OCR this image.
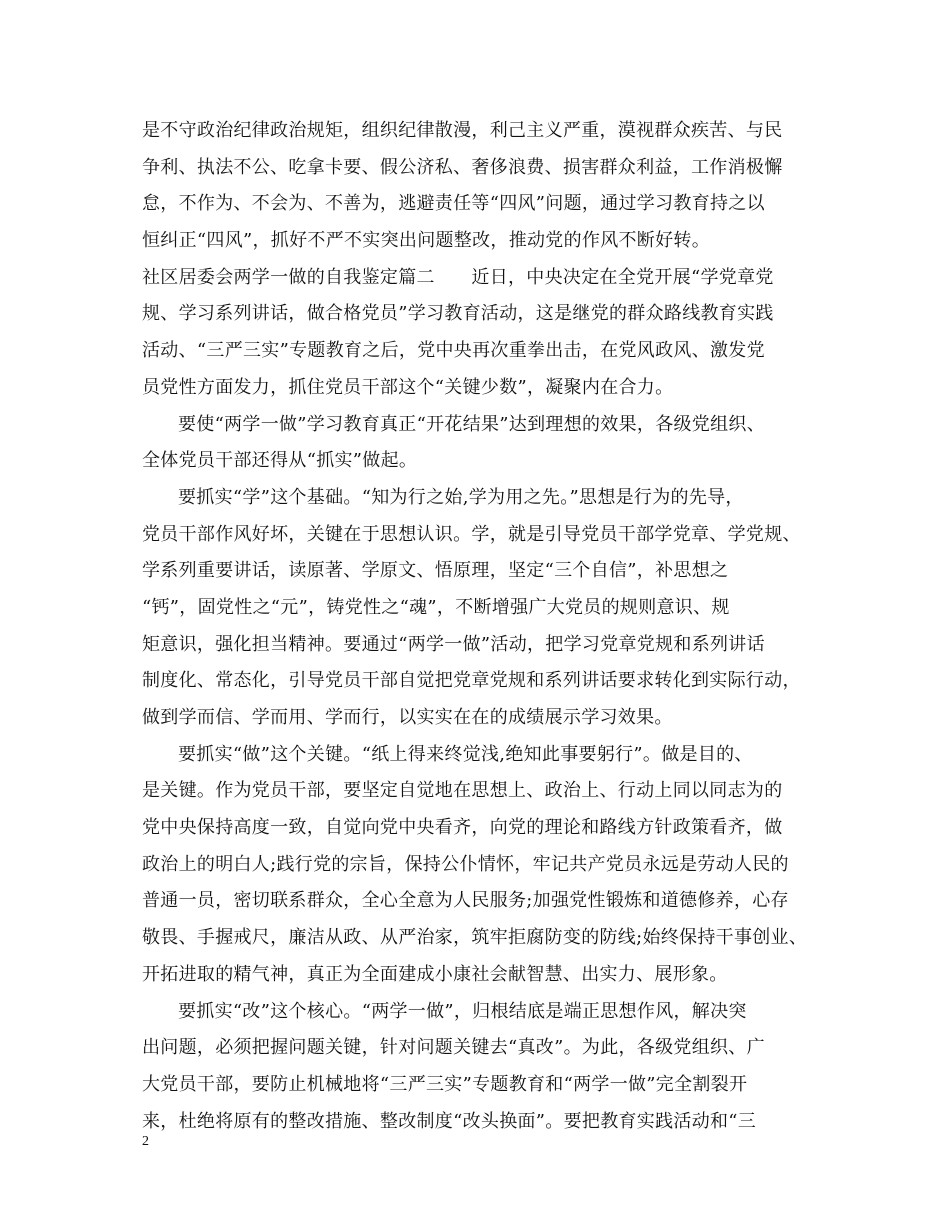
是不守政治纪律政治规矩，组织纪律散漫，利己主义严重，漠视群众疾苦、与民
争利、执法不公、吃拿卡要、假公济私、奢侈浪费、损害群众利益，工作消极懈
怠，不作为、不会为、不善为，逃避责任等“四风”问题，通过学习教育持之以
恒纠正“四风”，抓好不严不实突出问题整改，推动党的作风不断好转。
社区居委会两学一做的自我鉴定篇二　　近日，中央决定在全党开展“学党章党
规、学习系列讲话，做合格党员”学习教育活动，这是继党的群众路线教育实践
活动、“三严三实”专题教育之后，党中央再次重拳出击，在党风政风、激发党
员党性方面发力，抓住党员干部这个“关键少数”，凝聚内在合力。
要使“两学一做”学习教育真正“开花结果”达到理想的效果，各级党组织、
全体党员干部还得从“抓实”做起。
要抓实“学”这个基础。“知为行之始,学为用之先。”思想是行为的先导，
党员干部作风好坏，关键在于思想认识。学，就是引导党员干部学党章、学党规、
学系列重要讲话，读原著、学原文、悟原理，坚定“三个自信”，补思想之
“钙”，固党性之“元”，铸党性之“魂”，不断增强广大党员的规则意识、规
矩意识，强化担当精神。要通过“两学一做”活动，把学习党章党规和系列讲话
制度化、常态化，引导党员干部自觉把党章党规和系列讲话要求转化到实际行动，
做到学而信、学而用、学而行，以实实在在的成绩展示学习效果。
要抓实“做”这个关键。“纸上得来终觉浅,绝知此事要躬行”。做是目的、
是关键。作为党员干部，要坚定自觉地在思想上、政治上、行动上同以同志为的
党中央保持高度一致，自觉向党中央看齐，向党的理论和路线方针政策看齐，做
政治上的明白人;践行党的宗旨，保持公仆情怀，牢记共产党员永远是劳动人民的
普通一员，密切联系群众，全心全意为人民服务;加强党性锻炼和道德修养，心存
敬畏、手握戒尺，廉洁从政、从严治家，筑牢拒腐防变的防线;始终保持干事创业、
开拓进取的精气神，真正为全面建成小康社会献智慧、出实力、展形象。
要抓实“改”这个核心。“两学一做”，归根结底是端正思想作风，解决突
出问题，必须把握问题关键，针对问题关键去“真改”。为此，各级党组织、广
大党员干部，要防止机械地将“三严三实”专题教育和“两学一做”完全割裂开
来，杜绝将原有的整改措施、整改制度“改头换面”。要把教育实践活动和“三
2
